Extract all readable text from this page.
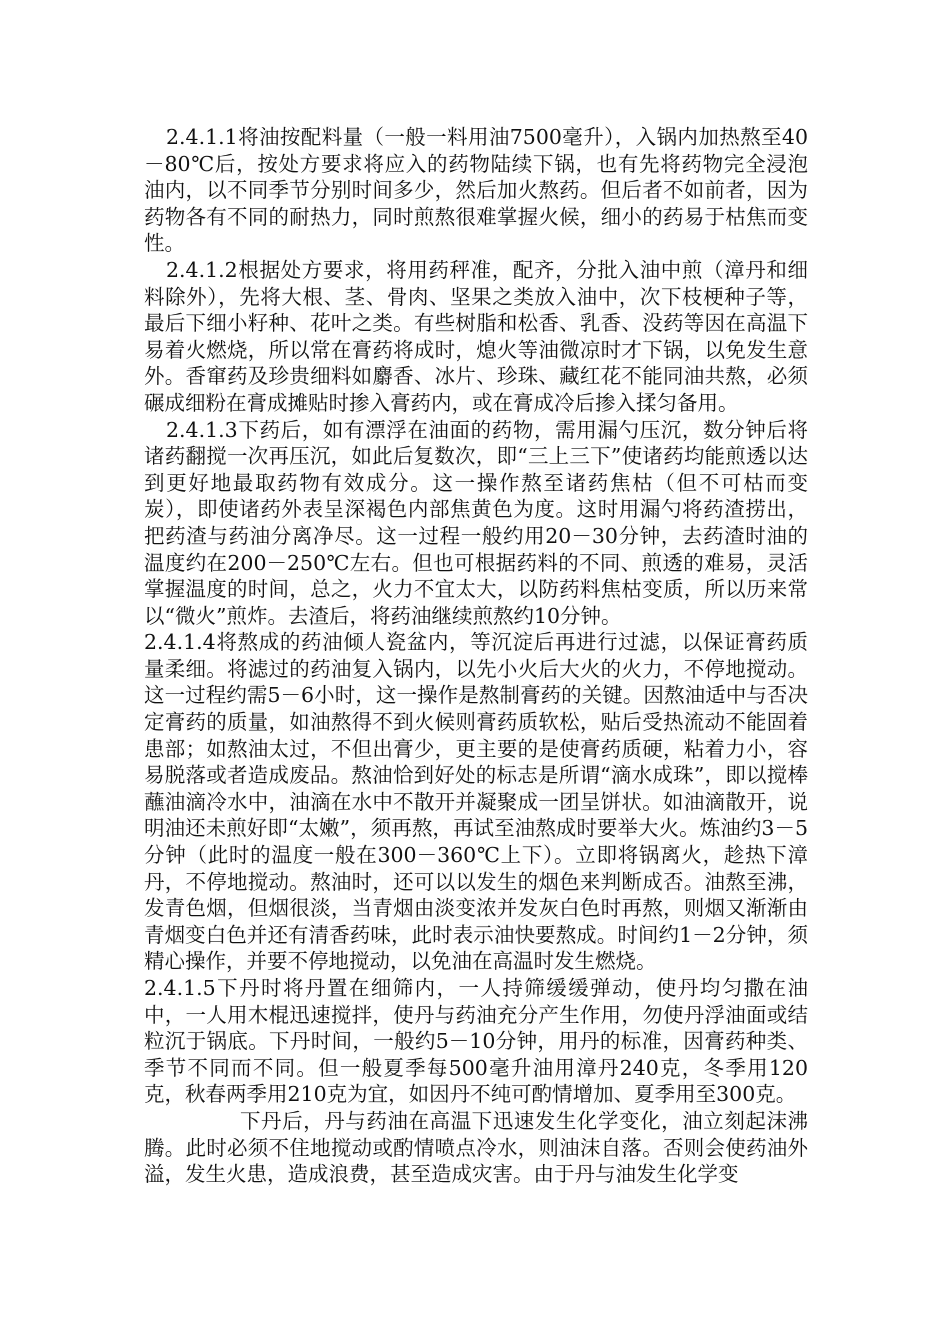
2.4.1.1将油按配料量（一般一料用油7500毫升），入锅内加热熬至40－80℃后，按处方要求将应入的药物陆续下锅，也有先将药物完全浸泡油内，以不同季节分别时间多少，然后加火熬药。但后者不如前者，因为药物各有不同的耐热力，同时煎熬很难掌握火候，细小的药易于枯焦而变性。

2.4.1.2根据处方要求，将用药秤准，配齐，分批入油中煎（漳丹和细料除外），先将大根、茎、骨肉、坚果之类放入油中，次下枝梗种子等，最后下细小籽种、花叶之类。有些树脂和松香、乳香、没药等因在高温下易着火燃烧，所以常在膏药将成时，熄火等油微凉时才下锅，以免发生意外。香窜药及珍贵细料如麝香、冰片、珍珠、藏红花不能同油共熬，必须碾成细粉在膏成摊贴时掺入膏药内，或在膏成冷后掺入揉匀备用。

2.4.1.3下药后，如有漂浮在油面的药物，需用漏勺压沉，数分钟后将诸药翻搅一次再压沉，如此后复数次，即“三上三下”使诸药均能煎透以达到更好地最取药物有效成分。这一操作熬至诸药焦枯（但不可枯而变炭），即使诸药外表呈深褐色内部焦黄色为度。这时用漏勺将药渣捞出，把药渣与药油分离净尽。这一过程一般约用20－30分钟，去药渣时油的温度约在200－250℃左右。但也可根据药料的不同、煎透的难易，灵活掌握温度的时间，总之，火力不宜太大，以防药料焦枯变质，所以历来常以“微火”煎炸。去渣后，将药油继续煎熬约10分钟。

2.4.1.4将熬成的药油倾人瓷盆内，等沉淀后再进行过滤，以保证膏药质量柔细。将滤过的药油复入锅内，以先小火后大火的火力，不停地搅动。这一过程约需5－6小时，这一操作是熬制膏药的关键。因熬油适中与否决定膏药的质量，如油熬得不到火候则膏药质软松，贴后受热流动不能固着患部；如熬油太过，不但出膏少，更主要的是使膏药质硬，粘着力小，容易脱落或者造成废品。熬油恰到好处的标志是所谓“滴水成珠”，即以搅棒蘸油滴冷水中，油滴在水中不散开并凝聚成一团呈饼状。如油滴散开，说明油还未煎好即“太嫩”，须再熬，再试至油熬成时要举大火。炼油约3－5分钟（此时的温度一般在300－360℃上下）。立即将锅离火，趁热下漳丹，不停地搅动。熬油时，还可以以发生的烟色来判断成否。油熬至沸，发青色烟，但烟很淡，当青烟由淡变浓并发灰白色时再熬，则烟又渐渐由青烟变白色并还有清香药味，此时表示油快要熬成。时间约1－2分钟，须精心操作，并要不停地搅动，以免油在高温时发生燃烧。

2.4.1.5下丹时将丹置在细筛内，一人持筛缓缓弹动，使丹均匀撒在油中，一人用木棍迅速搅拌，使丹与药油充分产生作用，勿使丹浮油面或结粒沉于锅底。下丹时间，一般约5－10分钟，用丹的标准，因膏药种类、季节不同而不同。但一般夏季每500毫升油用漳丹240克，冬季用120克，秋春两季用210克为宜，如因丹不纯可酌情增加、夏季用至300克。

下丹后，丹与药油在高温下迅速发生化学变化，油立刻起沫沸腾。此时必须不住地搅动或酌情喷点冷水，则油沫自落。否则会使药油外溢，发生火患，造成浪费，甚至造成灾害。由于丹与油发生化学变
